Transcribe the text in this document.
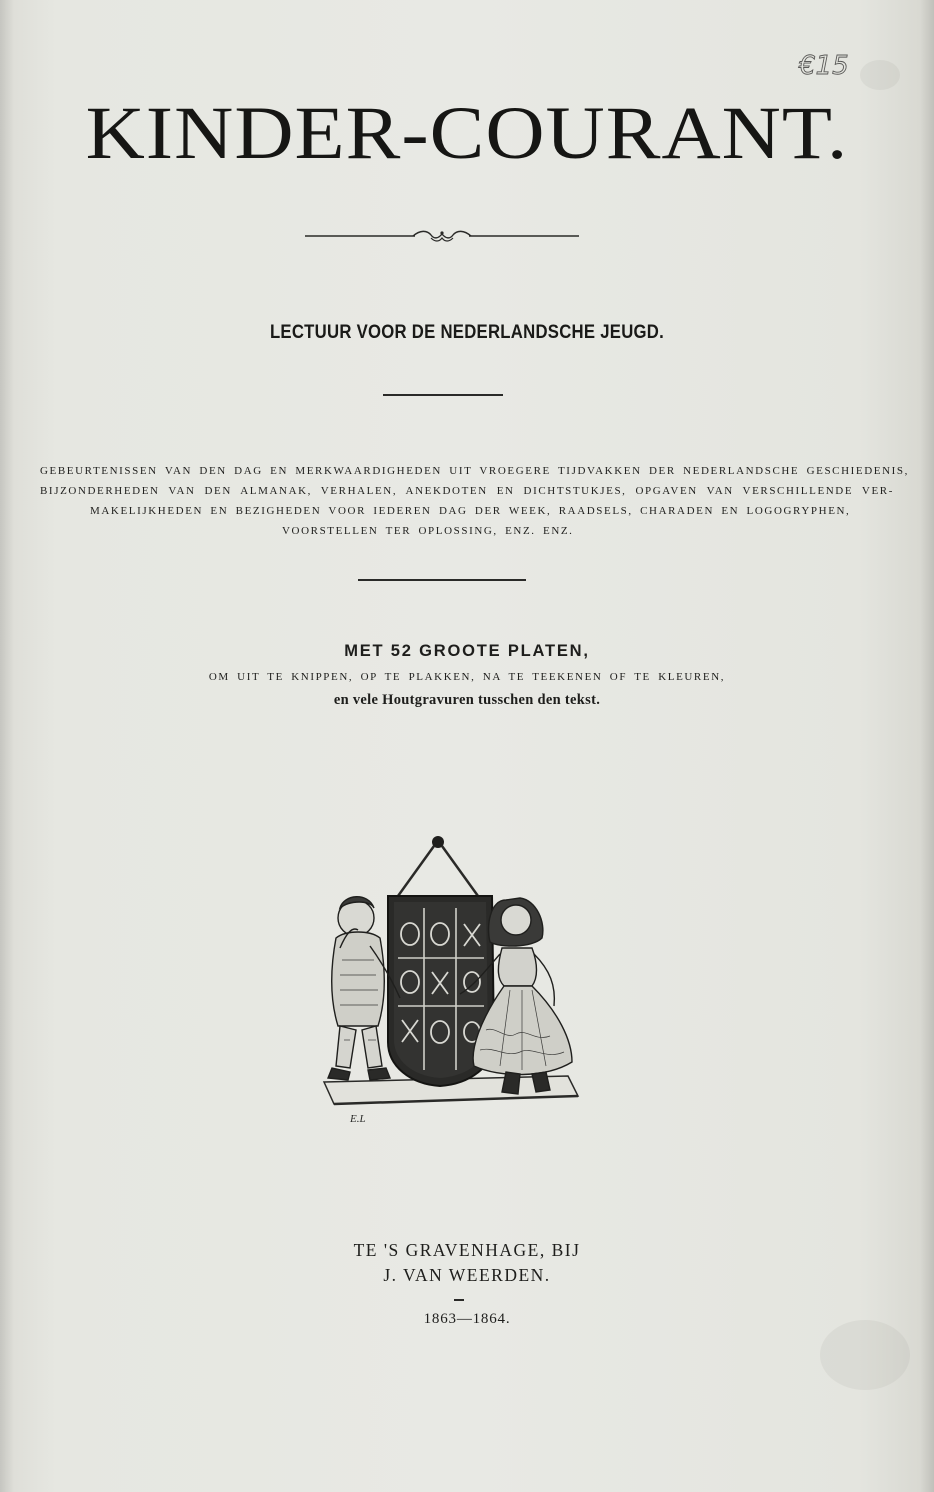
€15
KINDER-COURANT.
LECTUUR VOOR DE NEDERLANDSCHE JEUGD.
GEBEURTENISSEN VAN DEN DAG EN MERKWAARDIGHEDEN UIT VROEGERE TIJDVAKKEN DER NEDERLANDSCHE GESCHIEDENIS,
BIJZONDERHEDEN VAN DEN ALMANAK, VERHALEN, ANEKDOTEN EN DICHTSTUKJES, OPGAVEN VAN VERSCHILLENDE VER-
MAKELIJKHEDEN EN BEZIGHEDEN VOOR IEDEREN DAG DER WEEK, RAADSELS, CHARADEN EN LOGOGRYPHEN,
VOORSTELLEN TER OPLOSSING, ENZ. ENZ.
MET 52 GROOTE PLATEN,
OM UIT TE KNIPPEN, OP TE PLAKKEN, NA TE TEEKENEN OF TE KLEUREN,
en vele Houtgravuren tusschen den tekst.
E.L
TE 'S GRAVENHAGE, BIJ
J. VAN WEERDEN.
1863—1864.
